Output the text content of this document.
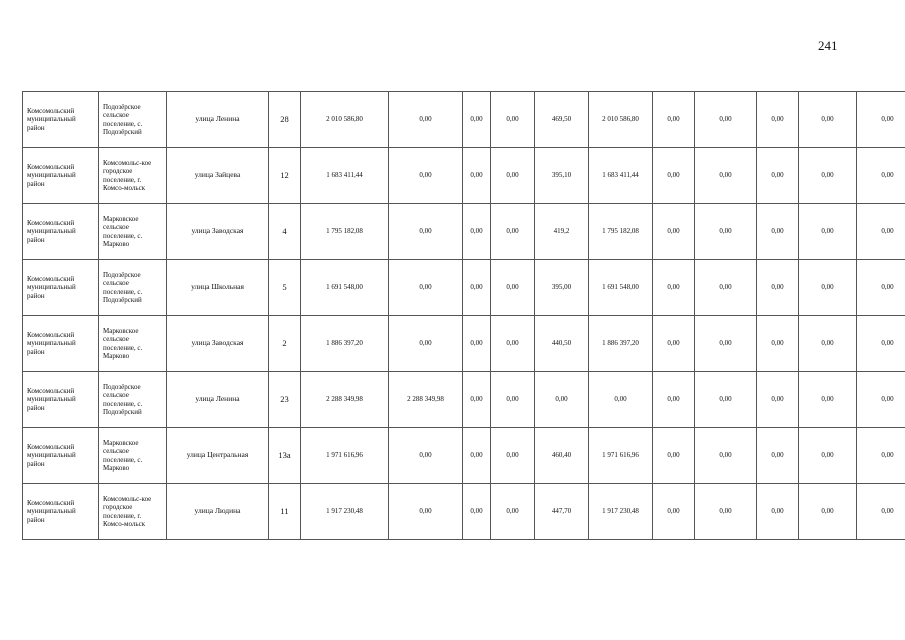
241
Комсомольский муниципальный район	Подозёрское сельское поселение, с. Подозёрский	улица Ленина	28	2 010 586,80	0,00	0,00	0,00	469,50	2 010 586,80	0,00	0,00	0,00	0,00	0,00
Комсомольский муниципальный район	Комсомольс-кое городское поселение, г. Комсо-мольск	улица Зайцева	12	1 683 411,44	0,00	0,00	0,00	395,10	1 683 411,44	0,00	0,00	0,00	0,00	0,00
Комсомольский муниципальный район	Марковское сельское поселение, с. Марково	улица Заводская	4	1 795 182,08	0,00	0,00	0,00	419,2	1 795 182,08	0,00	0,00	0,00	0,00	0,00
Комсомольский муниципальный район	Подозёрское сельское поселение, с. Подозёрский	улица Школьная	5	1 691 548,00	0,00	0,00	0,00	395,00	1 691 548,00	0,00	0,00	0,00	0,00	0,00
Комсомольский муниципальный район	Марковское сельское поселение, с. Марково	улица Заводская	2	1 886 397,20	0,00	0,00	0,00	440,50	1 886 397,20	0,00	0,00	0,00	0,00	0,00
Комсомольский муниципальный район	Подозёрское сельское поселение, с. Подозёрский	улица Ленина	23	2 288 349,98	2 288 349,98	0,00	0,00	0,00	0,00	0,00	0,00	0,00	0,00	0,00
Комсомольский муниципальный район	Марковское сельское поселение, с. Марково	улица Центральная	13а	1 971 616,96	0,00	0,00	0,00	460,40	1 971 616,96	0,00	0,00	0,00	0,00	0,00
Комсомольский муниципальный район	Комсомольс-кое городское поселение, г. Комсо-мольск	улица Людина	11	1 917 230,48	0,00	0,00	0,00	447,70	1 917 230,48	0,00	0,00	0,00	0,00	0,00
